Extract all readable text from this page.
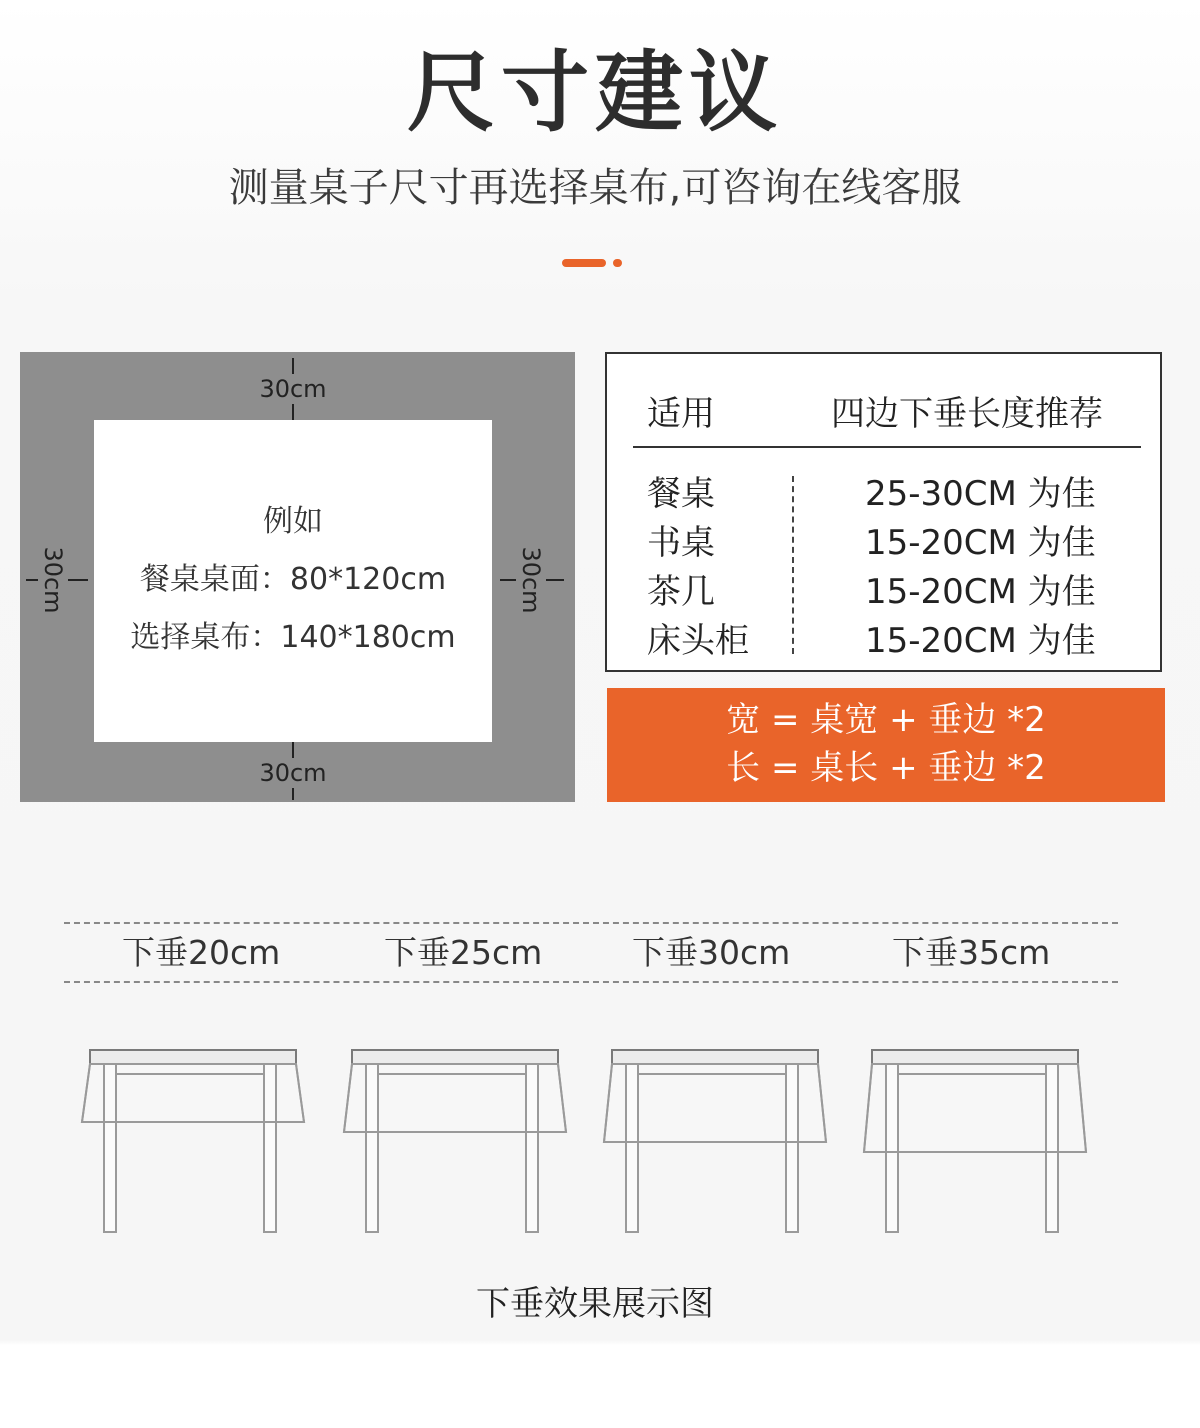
尺寸建议
测量桌子尺寸再选择桌布,可咨询在线客服
例如
餐桌桌面：80*120cm
选择桌布：140*180cm
30cm
30cm
30cm	30cm
适用	四边下垂长度推荐
餐桌	25-30CM 为佳
书桌	15-20CM 为佳
茶几	15-20CM 为佳
床头柜	15-20CM 为佳
宽 = 桌宽 + 垂边 *2
长 = 桌长 + 垂边 *2
下垂20cm	下垂25cm	下垂30cm	下垂35cm
下垂效果展示图
